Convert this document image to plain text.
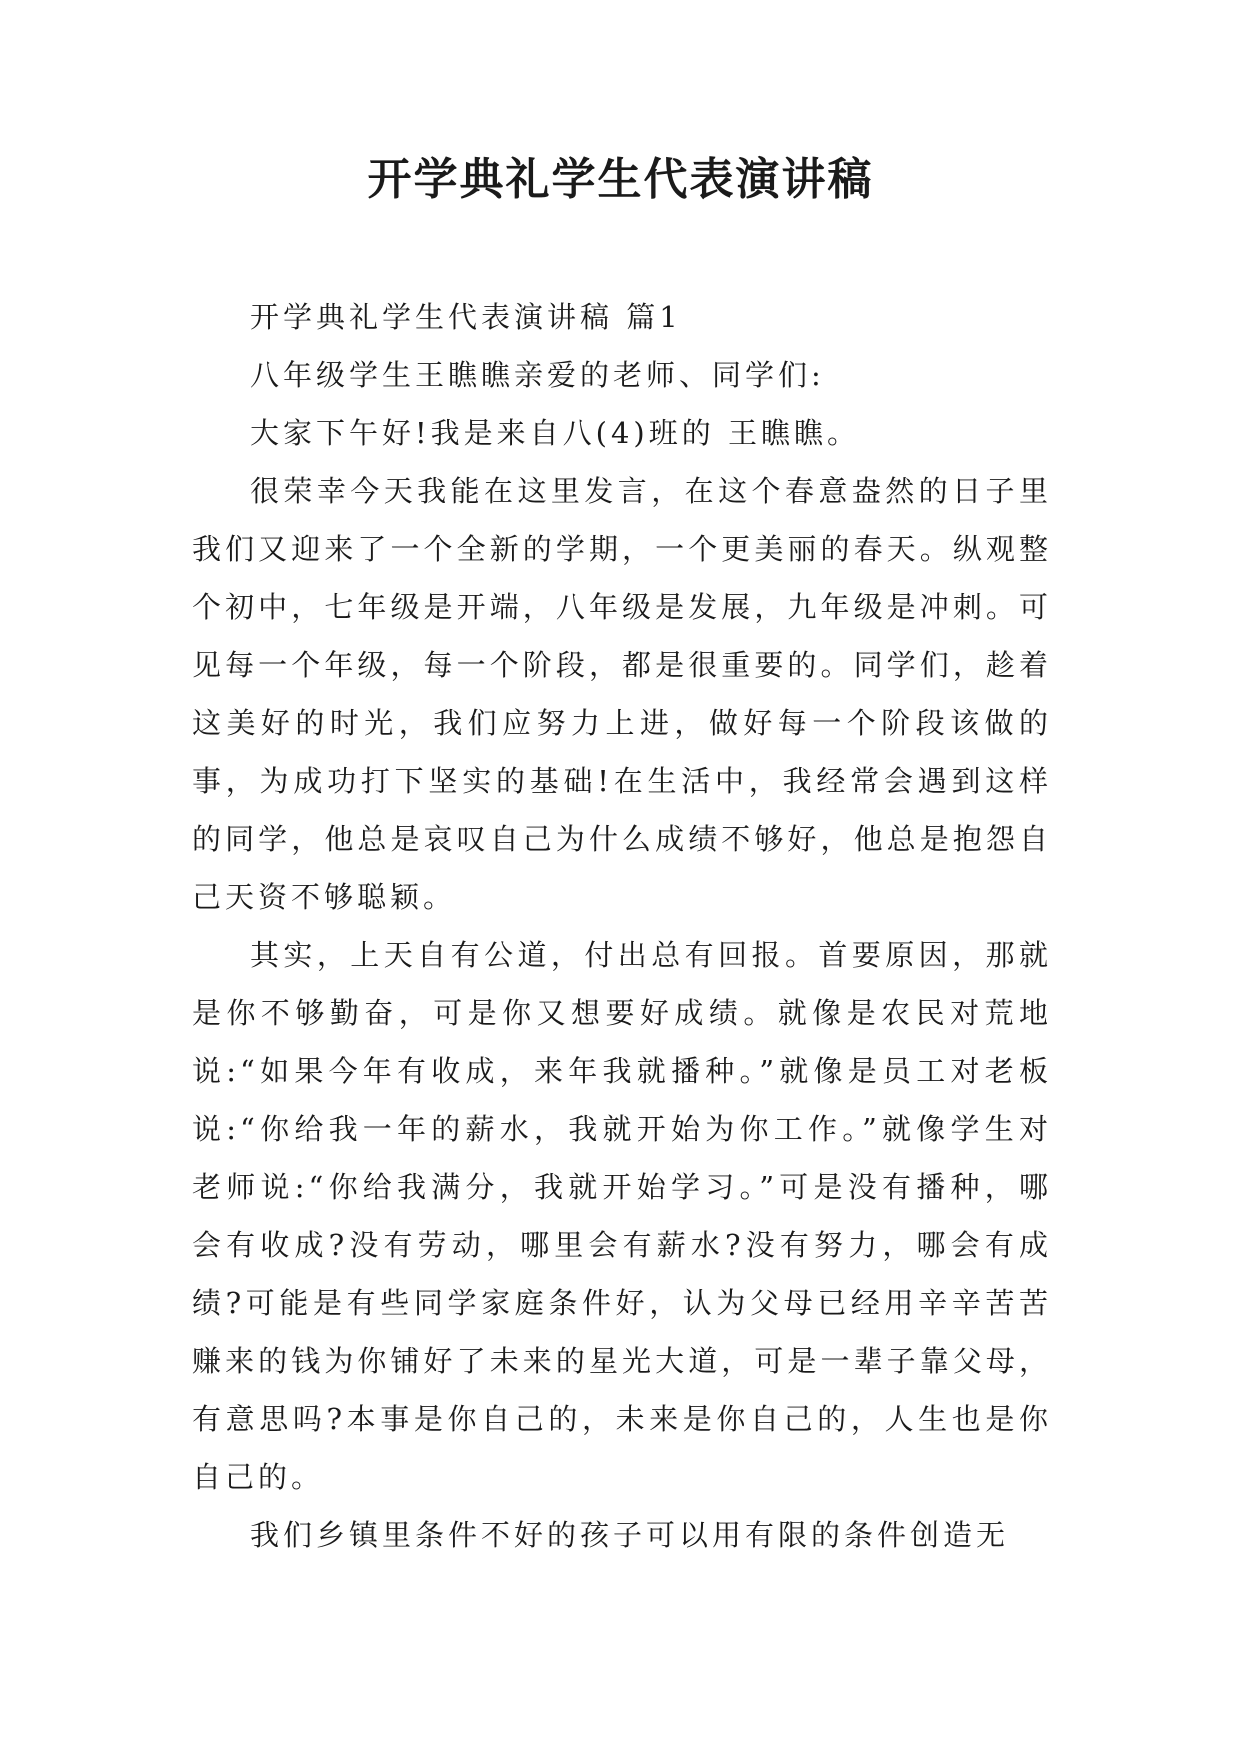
开学典礼学生代表演讲稿

开学典礼学生代表演讲稿 篇1

八年级学生王瞧瞧亲爱的老师、同学们:

大家下午好!我是来自八(4)班的 王瞧瞧。

很荣幸今天我能在这里发言，在这个春意盎然的日子里我们又迎来了一个全新的学期，一个更美丽的春天。纵观整个初中，七年级是开端，八年级是发展，九年级是冲刺。可见每一个年级，每一个阶段，都是很重要的。同学们，趁着这美好的时光，我们应努力上进，做好每一个阶段该做的事，为成功打下坚实的基础!在生活中，我经常会遇到这样的同学，他总是哀叹自己为什么成绩不够好，他总是抱怨自己天资不够聪颖。

其实，上天自有公道，付出总有回报。首要原因，那就是你不够勤奋，可是你又想要好成绩。就像是农民对荒地说:“如果今年有收成，来年我就播种。”就像是员工对老板说:“你给我一年的薪水，我就开始为你工作。”就像学生对老师说:“你给我满分，我就开始学习。”可是没有播种，哪会有收成?没有劳动，哪里会有薪水?没有努力，哪会有成绩?可能是有些同学家庭条件好，认为父母已经用辛辛苦苦赚来的钱为你铺好了未来的星光大道，可是一辈子靠父母，有意思吗?本事是你自己的，未来是你自己的，人生也是你自己的。

我们乡镇里条件不好的孩子可以用有限的条件创造无
